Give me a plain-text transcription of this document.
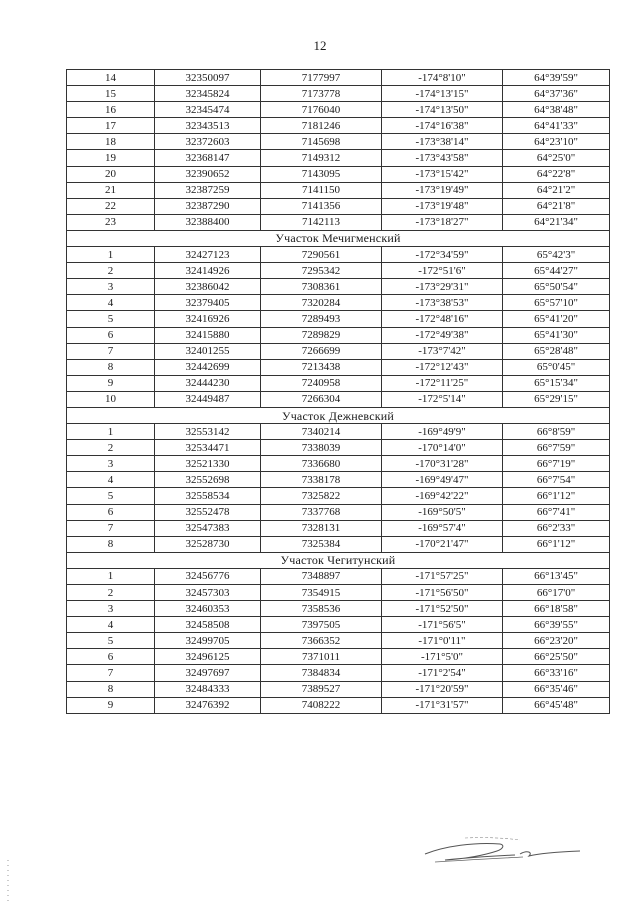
12
14	32350097	7177997	-174°8'10"	64°39'59"
15	32345824	7173778	-174°13'15"	64°37'36"
16	32345474	7176040	-174°13'50"	64°38'48"
17	32343513	7181246	-174°16'38"	64°41'33"
18	32372603	7145698	-173°38'14"	64°23'10"
19	32368147	7149312	-173°43'58"	64°25'0"
20	32390652	7143095	-173°15'42"	64°22'8"
21	32387259	7141150	-173°19'49"	64°21'2"
22	32387290	7141356	-173°19'48"	64°21'8"
23	32388400	7142113	-173°18'27"	64°21'34"
Участок Мечигменский				
1	32427123	7290561	-172°34'59"	65°42'3"
2	32414926	7295342	-172°51'6"	65°44'27"
3	32386042	7308361	-173°29'31"	65°50'54"
4	32379405	7320284	-173°38'53"	65°57'10"
5	32416926	7289493	-172°48'16"	65°41'20"
6	32415880	7289829	-172°49'38"	65°41'30"
7	32401255	7266699	-173°7'42"	65°28'48"
8	32442699	7213438	-172°12'43"	65°0'45"
9	32444230	7240958	-172°11'25"	65°15'34"
10	32449487	7266304	-172°5'14"	65°29'15"
Участок Дежневский				
1	32553142	7340214	-169°49'9"	66°8'59"
2	32534471	7338039	-170°14'0"	66°7'59"
3	32521330	7336680	-170°31'28"	66°7'19"
4	32552698	7338178	-169°49'47"	66°7'54"
5	32558534	7325822	-169°42'22"	66°1'12"
6	32552478	7337768	-169°50'5"	66°7'41"
7	32547383	7328131	-169°57'4"	66°2'33"
8	32528730	7325384	-170°21'47"	66°1'12"
Участок Чегитунский				
1	32456776	7348897	-171°57'25"	66°13'45"
2	32457303	7354915	-171°56'50"	66°17'0"
3	32460353	7358536	-171°52'50"	66°18'58"
4	32458508	7397505	-171°56'5"	66°39'55"
5	32499705	7366352	-171°0'11"	66°23'20"
6	32496125	7371011	-171°5'0"	66°25'50"
7	32497697	7384834	-171°2'54"	66°33'16"
8	32484333	7389527	-171°20'59"	66°35'46"
9	32476392	7408222	-171°31'57"	66°45'48"
